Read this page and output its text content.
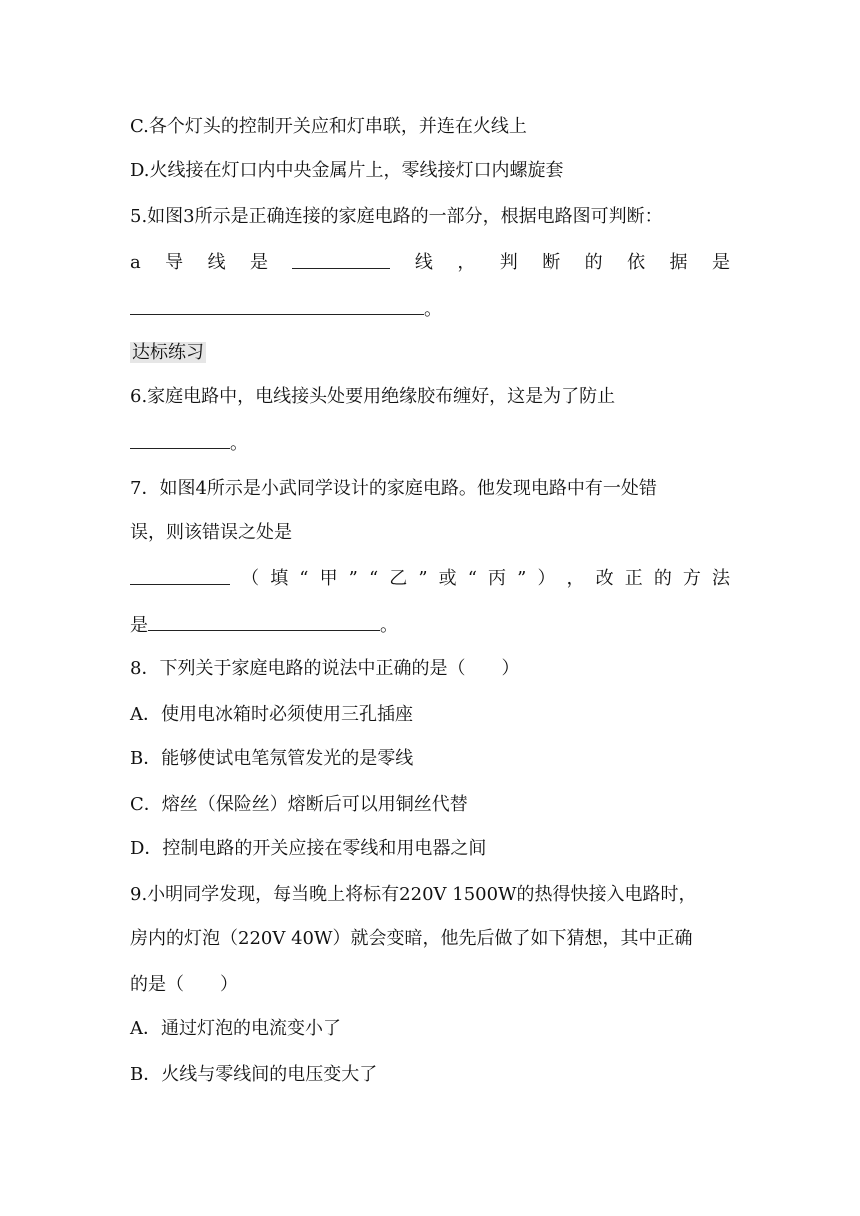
C.各个灯头的控制开关应和灯串联，并连在火线上
D.火线接在灯口内中央金属片上，零线接灯口内螺旋套
5.如图3所示是正确连接的家庭电路的一部分，根据电路图可判断：
a 导 线 是	线 ， 判 断 的 依 据 是
。
达标练习
6.家庭电路中，电线接头处要用绝缘胶布缠好，这是为了防止
。
7．如图4所示是小武同学设计的家庭电路。他发现电路中有一处错
误，则该错误之处是
（ 填 “ 甲 ” “ 乙 ” 或 “ 丙 ” ） ， 改 正 的 方 法
是	。
8．下列关于家庭电路的说法中正确的是（　　）
A．使用电冰箱时必须使用三孔插座
B．能够使试电笔氖管发光的是零线
C．熔丝（保险丝）熔断后可以用铜丝代替
D．控制电路的开关应接在零线和用电器之间
9.小明同学发现，每当晚上将标有220V 1500W的热得快接入电路时，
房内的灯泡（220V 40W）就会变暗，他先后做了如下猜想，其中正确
的是（　　）
A．通过灯泡的电流变小了
B．火线与零线间的电压变大了
